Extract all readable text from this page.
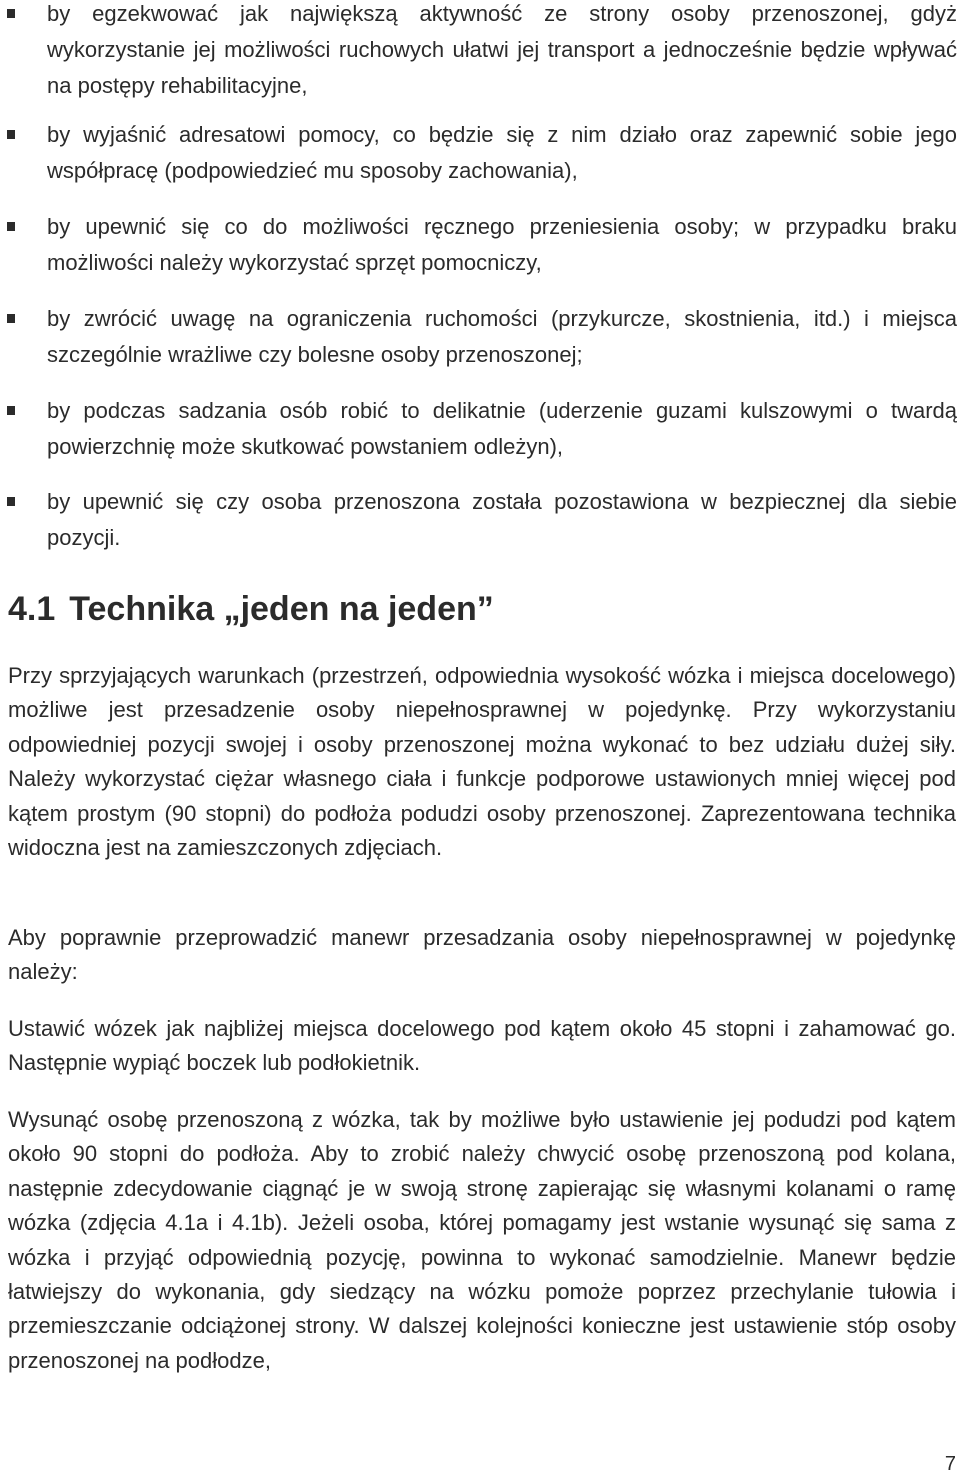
by egzekwować jak największą aktywność ze strony osoby przenoszonej, gdyż wykorzystanie jej możliwości ruchowych ułatwi jej transport a jednocześnie będzie wpływać na postępy rehabilitacyjne,

by wyjaśnić adresatowi pomocy, co będzie się z nim działo oraz zapewnić sobie jego współpracę (podpowiedzieć mu sposoby zachowania),

by upewnić się co do możliwości ręcznego przeniesienia osoby; w przypadku braku możliwości należy wykorzystać sprzęt pomocniczy,

by zwrócić uwagę na ograniczenia ruchomości (przykurcze, skostnienia, itd.) i miejsca szczególnie wrażliwe czy bolesne osoby przenoszonej;

by podczas sadzania osób robić to delikatnie (uderzenie guzami kulszowymi o twardą powierzchnię może skutkować powstaniem odleżyn),

by upewnić się czy osoba przenoszona została pozostawiona w bezpiecznej dla siebie pozycji.

4.1 Technika „jeden na jeden”

Przy sprzyjających warunkach (przestrzeń, odpowiednia wysokość wózka i miejsca docelowego) możliwe jest przesadzenie osoby niepełnosprawnej w pojedynkę. Przy wykorzystaniu odpowiedniej pozycji swojej i osoby przenoszonej można wykonać to bez udziału dużej siły. Należy wykorzystać ciężar własnego ciała i funkcje podporowe ustawionych mniej więcej pod kątem prostym (90 stopni) do podłoża podudzi osoby przenoszonej. Zaprezentowana technika widoczna jest na zamieszczonych zdjęciach.

Aby poprawnie przeprowadzić manewr przesadzania osoby niepełnosprawnej w pojedynkę należy:

Ustawić wózek jak najbliżej miejsca docelowego pod kątem około 45 stopni i zahamować go. Następnie wypiąć boczek lub podłokietnik.

Wysunąć osobę przenoszoną z wózka, tak by możliwe było ustawienie jej podudzi pod kątem około 90 stopni do podłoża. Aby to zrobić należy chwycić osobę przenoszoną pod kolana, następnie zdecydowanie ciągnąć je w swoją stronę zapierając się własnymi kolanami o ramę wózka (zdjęcia 4.1a i 4.1b). Jeżeli osoba, której pomagamy jest wstanie wysunąć się sama z wózka i przyjąć odpowiednią pozycję, powinna to wykonać samodzielnie. Manewr będzie łatwiejszy do wykonania, gdy siedzący na wózku pomoże poprzez przechylanie tułowia i przemieszczanie odciążonej strony. W dalszej kolejności konieczne jest ustawienie stóp osoby przenoszonej na podłodze,

7
